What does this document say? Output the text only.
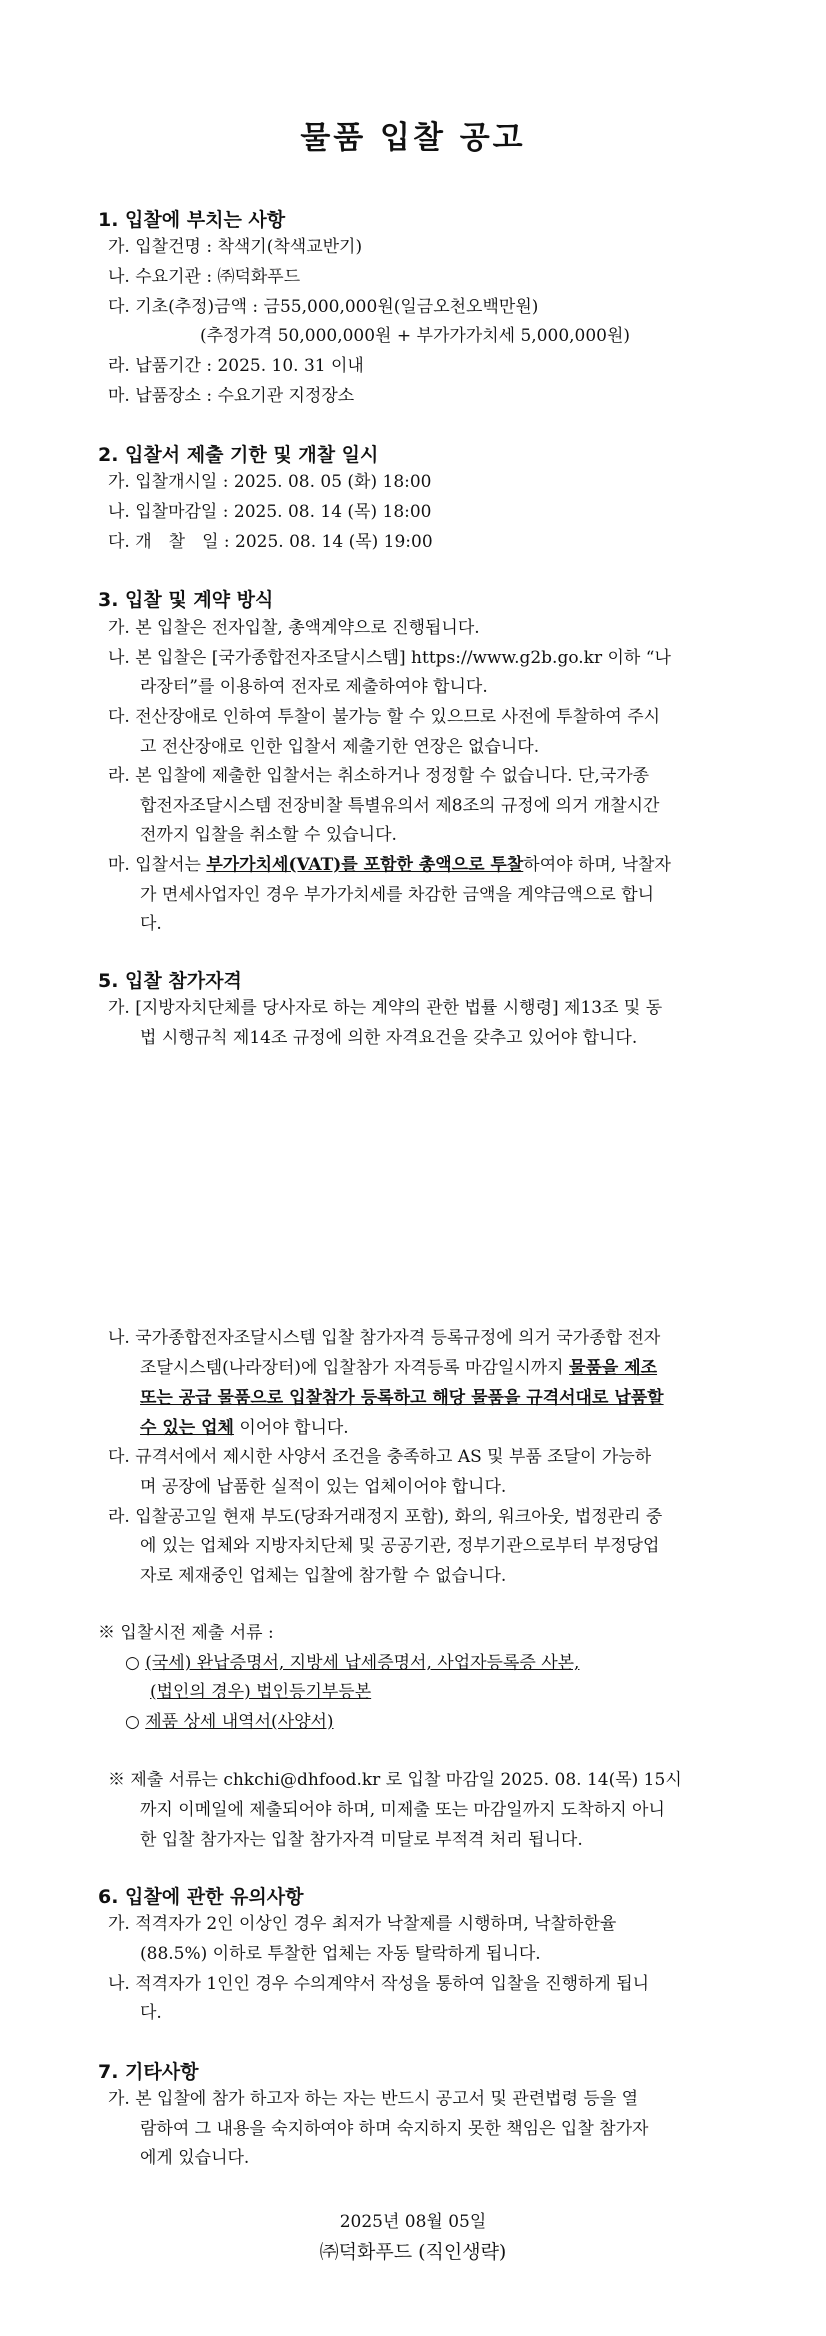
물품 입찰 공고
1. 입찰에 부치는 사항
가. 입찰건명 : 착색기(착색교반기)
나. 수요기관 : ㈜덕화푸드
다. 기초(추정)금액 : 금55,000,000원(일금오천오백만원)
(추정가격 50,000,000원 + 부가가가치세 5,000,000원)
라. 납품기간 : 2025. 10. 31 이내
마. 납품장소 : 수요기관 지정장소
2. 입찰서 제출 기한 및 개찰 일시
가. 입찰개시일 : 2025. 08. 05 (화) 18:00
나. 입찰마감일 : 2025. 08. 14 (목) 18:00
다. 개　찰　일 : 2025. 08. 14 (목) 19:00
3. 입찰 및 계약 방식
가. 본 입찰은 전자입찰, 총액계약으로 진행됩니다.
나. 본 입찰은 [국가종합전자조달시스템] https://www.g2b.go.kr 이하 “나
라장터”를 이용하여 전자로 제출하여야 합니다.
다. 전산장애로 인하여 투찰이 불가능 할 수 있으므로 사전에 투찰하여 주시
고 전산장애로 인한 입찰서 제출기한 연장은 없습니다.
라. 본 입찰에 제출한 입찰서는 취소하거나 정정할 수 없습니다. 단,국가종
합전자조달시스템 전장비찰 특별유의서 제8조의 규정에 의거 개찰시간
전까지 입찰을 취소할 수 있습니다.
마. 입찰서는 부가가치세(VAT)를 포함한 총액으로 투찰하여야 하며, 낙찰자
가 면세사업자인 경우 부가가치세를 차감한 금액을 계약금액으로 합니
다.
5. 입찰 참가자격
가. [지방자치단체를 당사자로 하는 계약의 관한 법률 시행령] 제13조 및 동
법 시행규칙 제14조 규정에 의한 자격요건을 갖추고 있어야 합니다.
나. 국가종합전자조달시스템 입찰 참가자격 등록규정에 의거 국가종합 전자
조달시스템(나라장터)에 입찰참가 자격등록 마감일시까지 물품을 제조
또는 공급 물품으로 입찰참가 등록하고 해당 물품을 규격서대로 납품할
수 있는 업체 이어야 합니다.
다. 규격서에서 제시한 사양서 조건을 충족하고 AS 및 부품 조달이 가능하
며 공장에 납품한 실적이 있는 업체이어야 합니다.
라. 입찰공고일 현재 부도(당좌거래정지 포함), 화의, 워크아웃, 법정관리 중
에 있는 업체와 지방자치단체 및 공공기관, 정부기관으로부터 부정당업
자로 제재중인 업체는 입찰에 참가할 수 없습니다.
※ 입찰시전 제출 서류 :
○ (국세) 완납증명서, 지방세 납세증명서, 사업자등록증 사본,
(법인의 경우) 법인등기부등본
○ 제품 상세 내역서(사양서)
※ 제출 서류는 chkchi@dhfood.kr 로 입찰 마감일 2025. 08. 14(목) 15시
까지 이메일에 제출되어야 하며, 미제출 또는 마감일까지 도착하지 아니
한 입찰 참가자는 입찰 참가자격 미달로 부적격 처리 됩니다.
6. 입찰에 관한 유의사항
가. 적격자가 2인 이상인 경우 최저가 낙찰제를 시행하며, 낙찰하한율
(88.5%) 이하로 투찰한 업체는 자동 탈락하게 됩니다.
나. 적격자가 1인인 경우 수의계약서 작성을 통하여 입찰을 진행하게 됩니
다.
7. 기타사항
가. 본 입찰에 참가 하고자 하는 자는 반드시 공고서 및 관련법령 등을 열
람하여 그 내용을 숙지하여야 하며 숙지하지 못한 책임은 입찰 참가자
에게 있습니다.
2025년 08월 05일
㈜덕화푸드 (직인생략)
